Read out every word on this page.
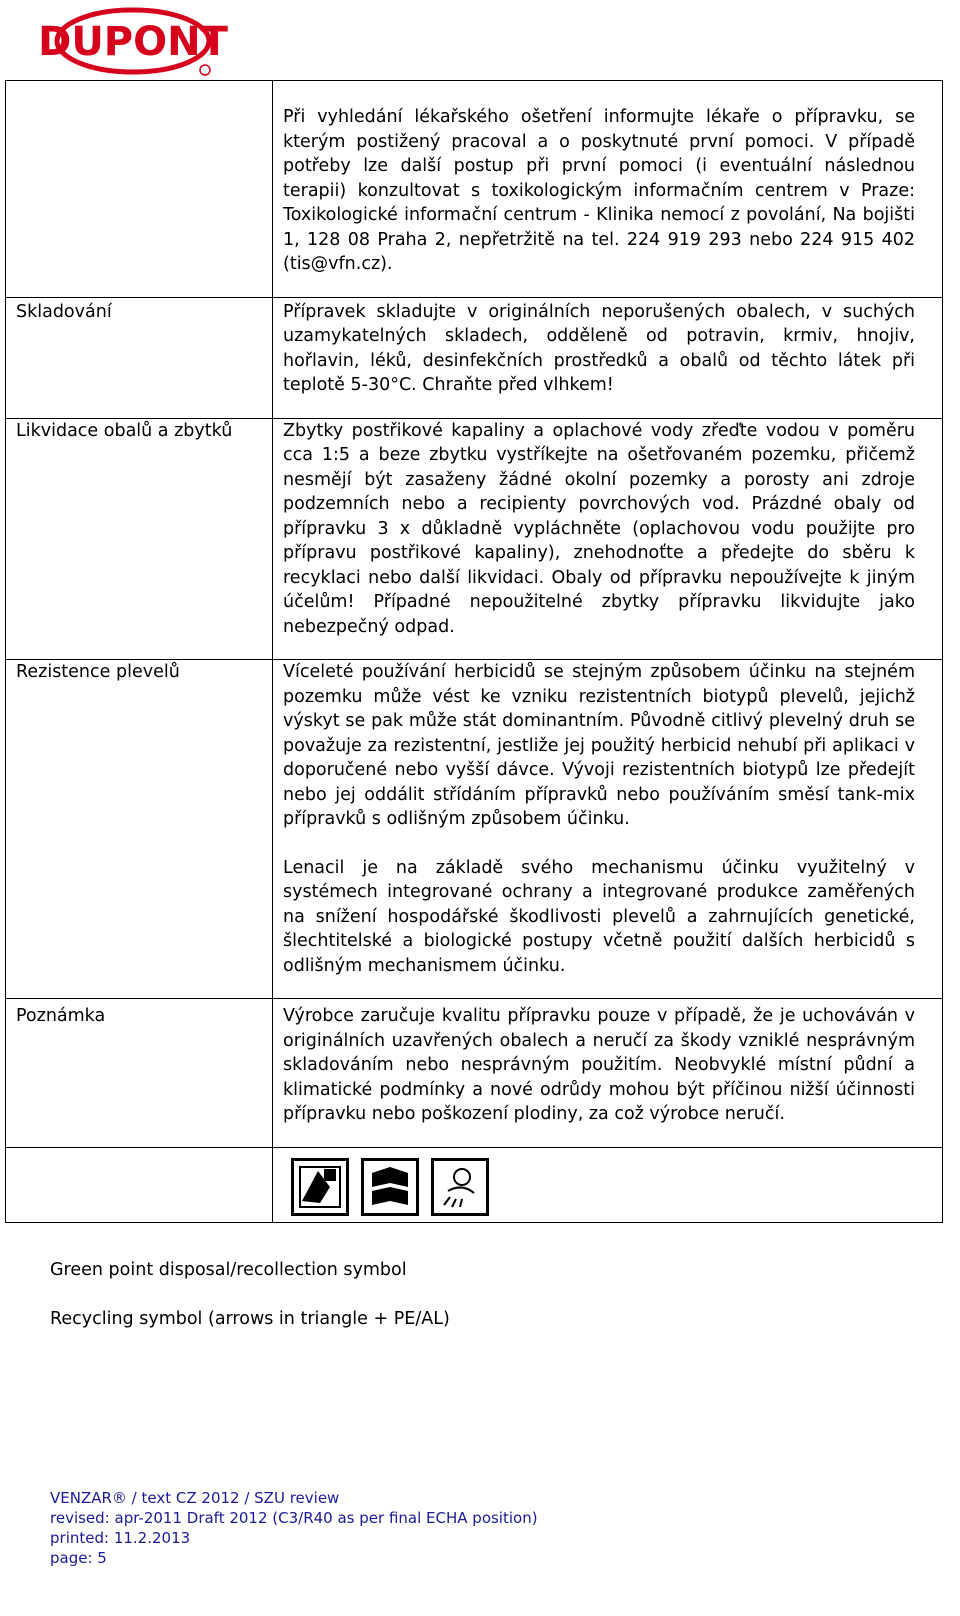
DUPONT

	Při vyhledání lékařského ošetření informujte lékaře o přípravku, se kterým postižený pracoval a o poskytnuté první pomoci. V případě potřeby lze další postup při první pomoci (i eventuální následnou terapii) konzultovat s toxikologickým informačním centrem v Praze: Toxikologické informační centrum - Klinika nemocí z povolání, Na bojišti 1, 128 08 Praha 2, nepřetržitě na tel. 224 919 293 nebo 224 915 402 (tis@vfn.cz).

Skladování	Přípravek skladujte v originálních neporušených obalech, v suchých uzamykatelných skladech, odděleně od potravin, krmiv, hnojiv, hořlavin, léků, desinfekčních prostředků a obalů od těchto látek při teplotě 5-30°C. Chraňte před vlhkem!

Likvidace obalů a zbytků	Zbytky postřikové kapaliny a oplachové vody zřeďte vodou v poměru cca 1:5 a beze zbytku vystříkejte na ošetřovaném pozemku, přičemž nesmějí být zasaženy žádné okolní pozemky a porosty ani zdroje podzemních nebo a recipienty povrchových vod. Prázdné obaly od přípravku 3 x důkladně vypláchněte (oplachovou vodu použijte pro přípravu postřikové kapaliny), znehodnoťte a předejte do sběru k recyklaci nebo další likvidaci. Obaly od přípravku nepoužívejte k jiným účelům! Případné nepoužitelné zbytky přípravku likvidujte jako nebezpečný odpad.

Rezistence plevelů	Víceleté používání herbicidů se stejným způsobem účinku na stejném pozemku může vést ke vzniku rezistentních biotypů plevelů, jejichž výskyt se pak může stát dominantním. Původně citlivý plevelný druh se považuje za rezistentní, jestliže jej použitý herbicid nehubí při aplikaci v doporučené nebo vyšší dávce. Vývoji rezistentních biotypů lze předejít nebo jej oddálit střídáním přípravků nebo používáním směsí tank-mix přípravků s odlišným způsobem účinku.

Lenacil je na základě svého mechanismu účinku využitelný v systémech integrované ochrany a integrované produkce zaměřených na snížení hospodářské škodlivosti plevelů a zahrnujících genetické, šlechtitelské a biologické postupy včetně použití dalších herbicidů s odlišným mechanismem účinku.

Poznámka	Výrobce zaručuje kvalitu přípravku pouze v případě, že je uchováván v originálních uzavřených obalech a neručí za škody vzniklé nesprávným skladováním nebo nesprávným použitím. Neobvyklé místní půdní a klimatické podmínky a nové odrůdy mohou být příčinou nižší účinnosti přípravku nebo poškození plodiny, za což výrobce neručí.

Green point disposal/recollection symbol
Recycling symbol (arrows in triangle + PE/AL)
VENZAR® / text CZ 2012 / SZU review
revised: apr-2011 Draft 2012 (C3/R40 as per final ECHA position)
printed: 11.2.2013
page: 5
